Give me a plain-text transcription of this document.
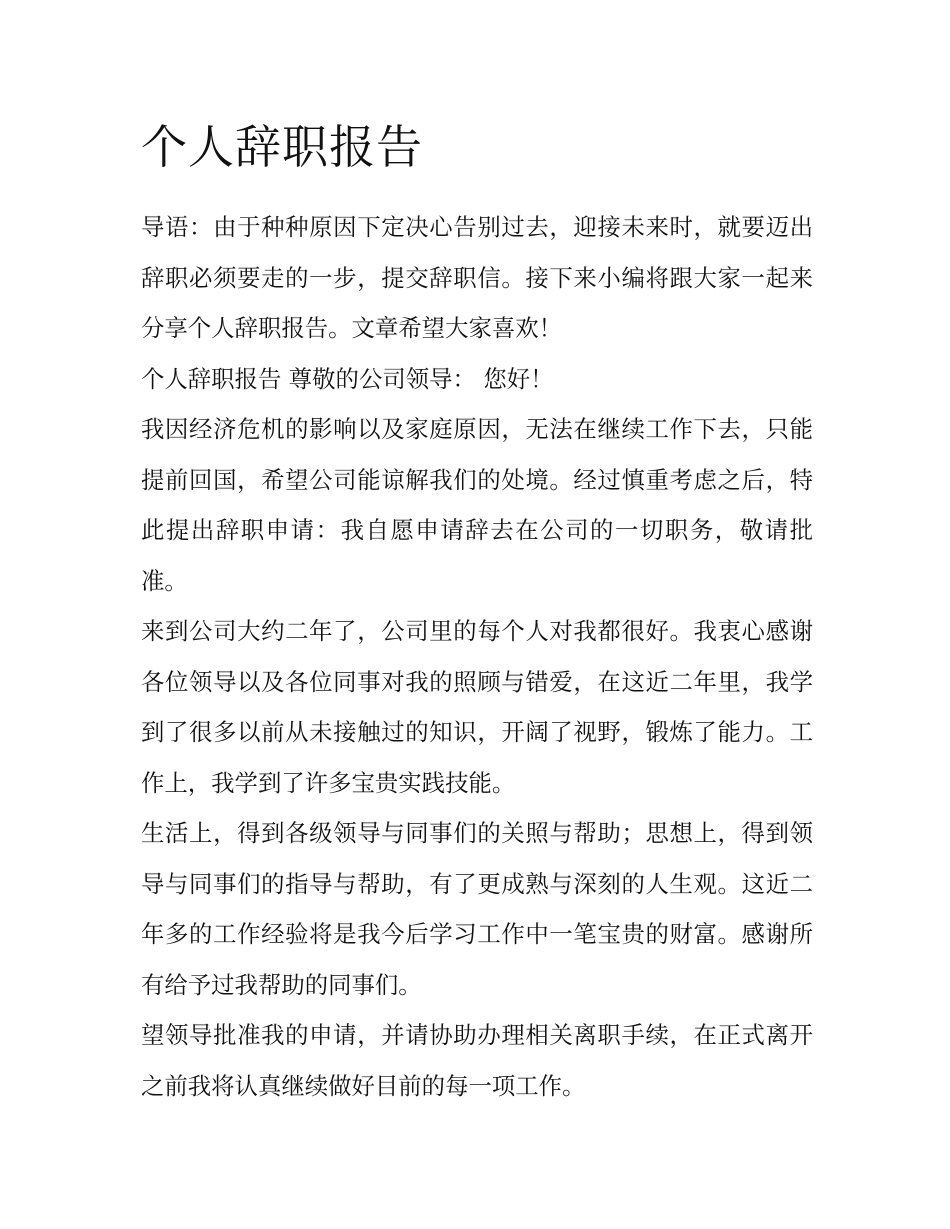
个人辞职报告

导语：由于种种原因下定决心告别过去，迎接未来时，就要迈出辞职必须要走的一步，提交辞职信。接下来小编将跟大家一起来分享个人辞职报告。文章希望大家喜欢！

个人辞职报告 尊敬的公司领导： 您好！

我因经济危机的影响以及家庭原因，无法在继续工作下去，只能提前回国，希望公司能谅解我们的处境。经过慎重考虑之后，特此提出辞职申请：我自愿申请辞去在公司的一切职务，敬请批准。

来到公司大约二年了，公司里的每个人对我都很好。我衷心感谢各位领导以及各位同事对我的照顾与错爱，在这近二年里，我学到了很多以前从未接触过的知识，开阔了视野，锻炼了能力。工作上，我学到了许多宝贵实践技能。

生活上，得到各级领导与同事们的关照与帮助；思想上，得到领导与同事们的指导与帮助，有了更成熟与深刻的人生观。这近二年多的工作经验将是我今后学习工作中一笔宝贵的财富。感谢所有给予过我帮助的同事们。

望领导批准我的申请，并请协助办理相关离职手续，在正式离开之前我将认真继续做好目前的每一项工作。
